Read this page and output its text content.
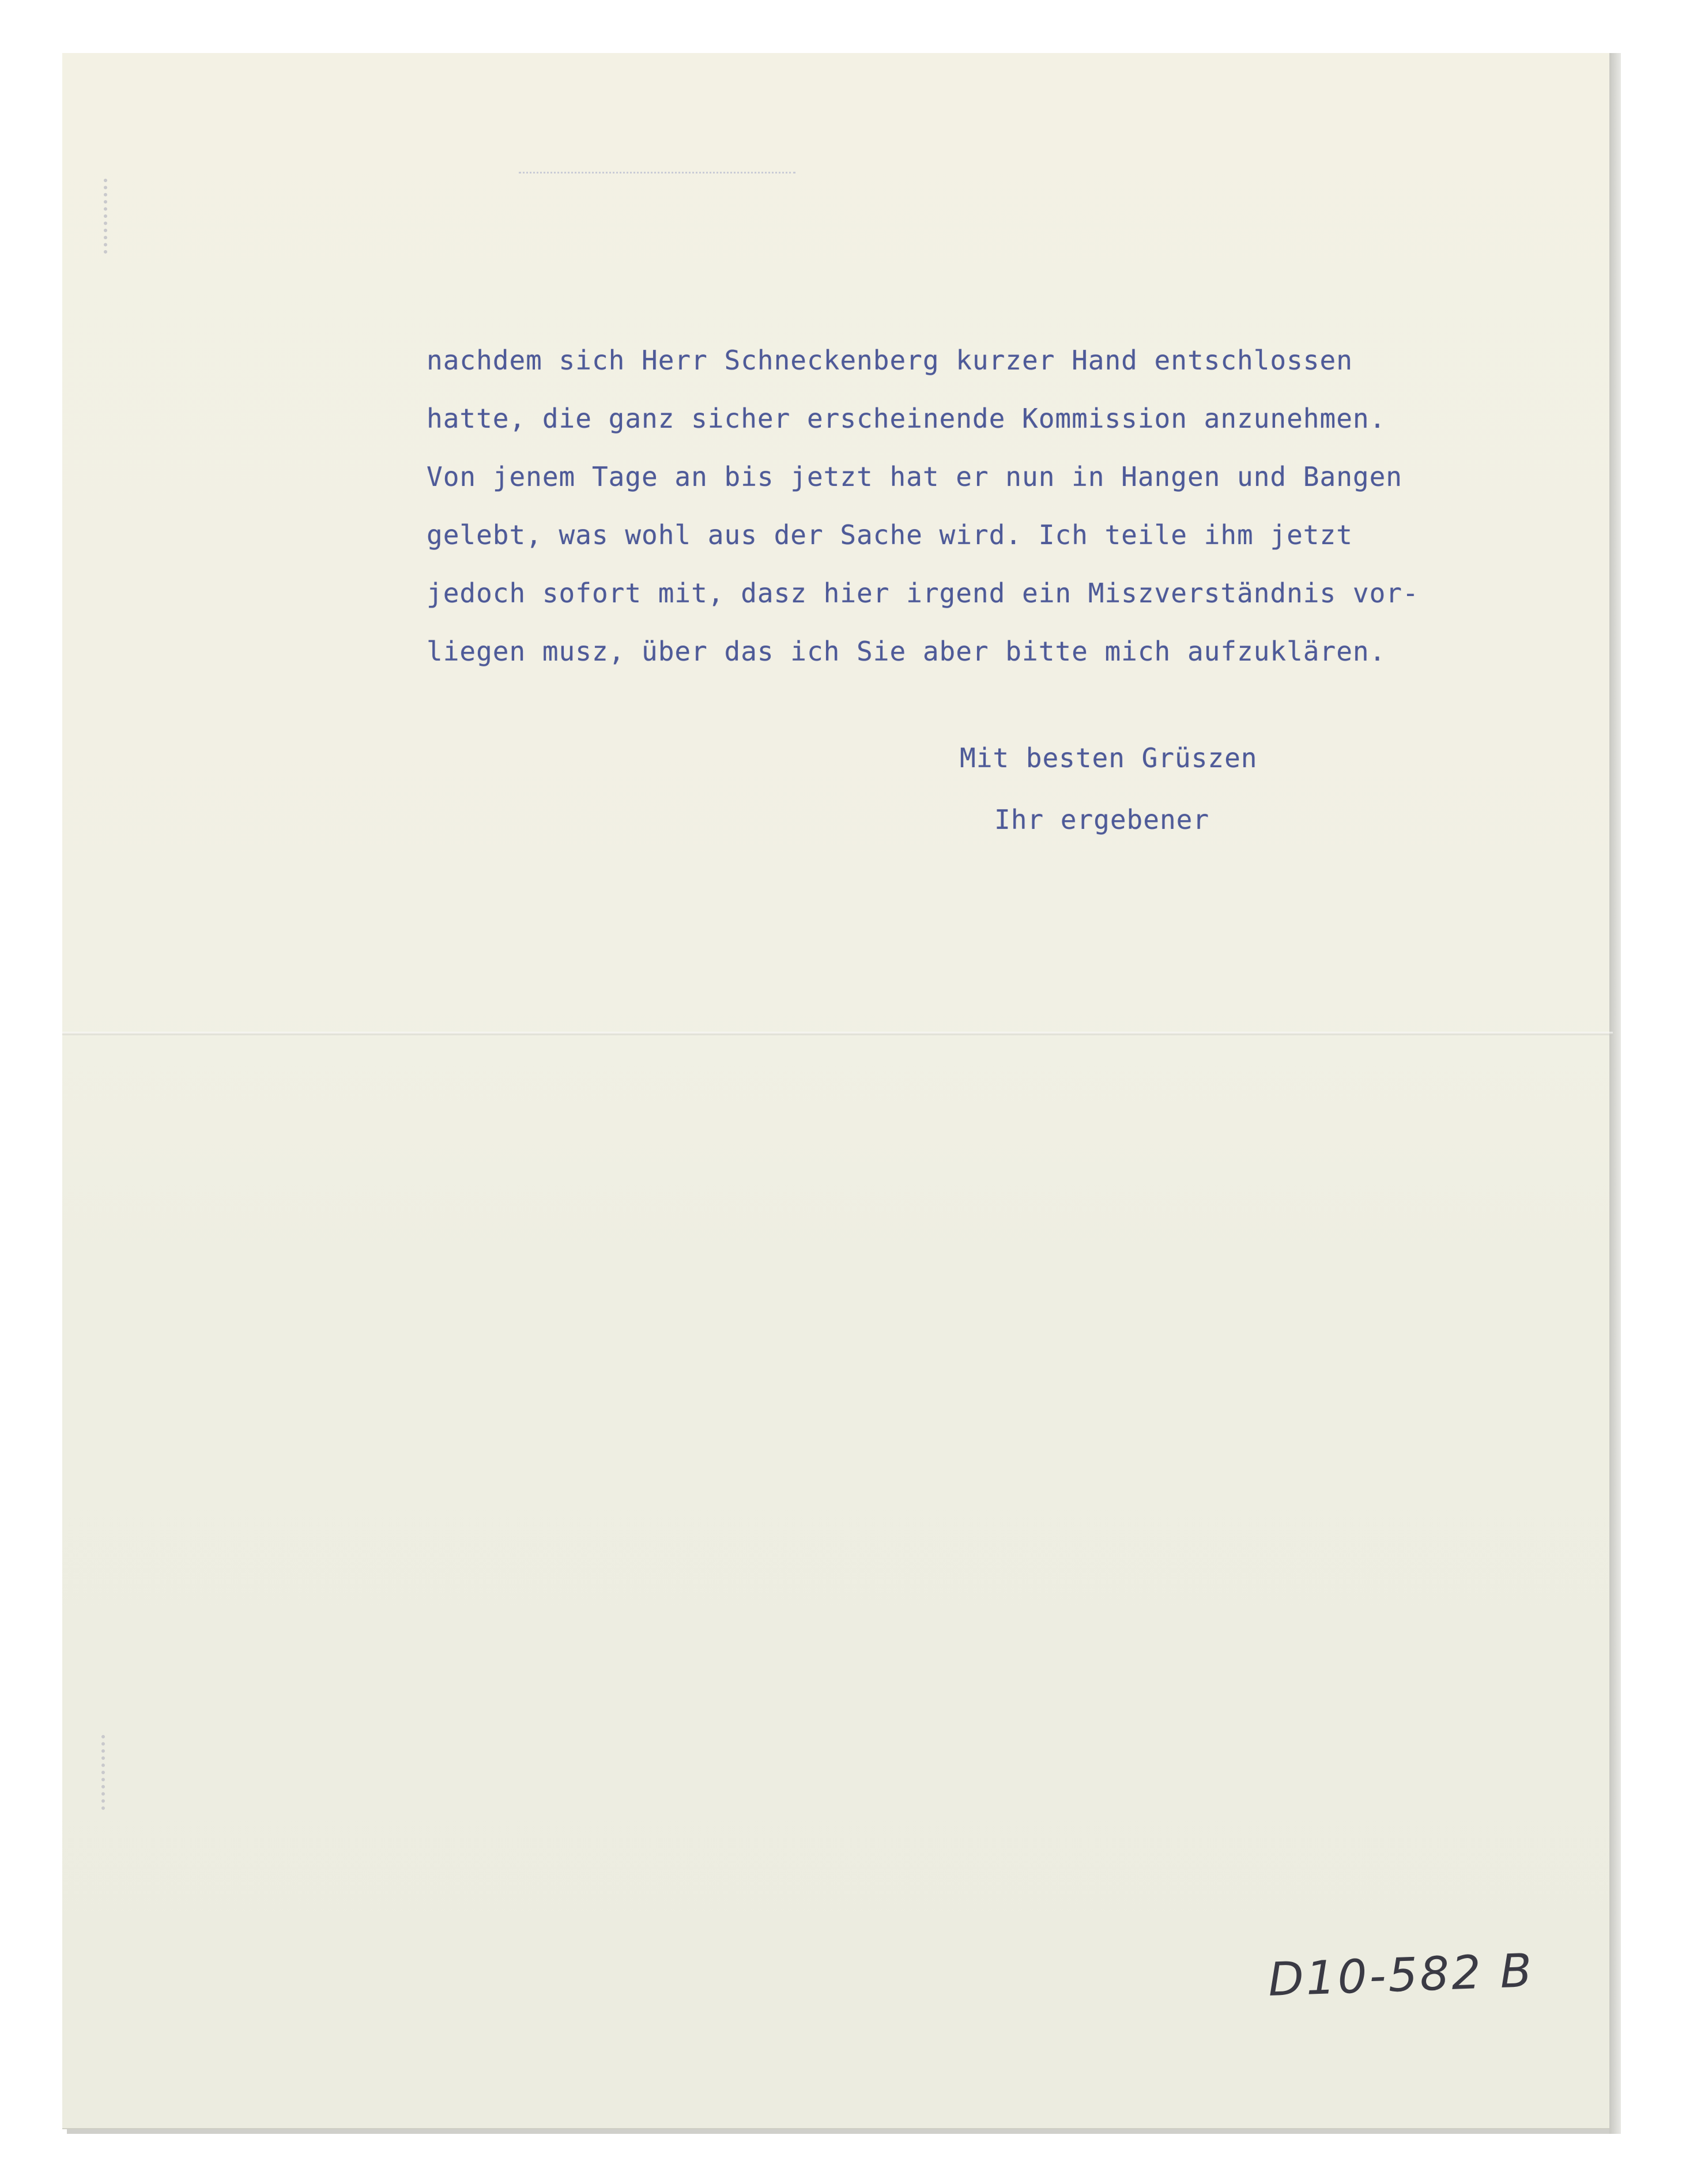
nachdem sich Herr Schneckenberg kurzer Hand entschlossen
hatte, die ganz sicher erscheinende Kommission anzunehmen.
Von jenem Tage an bis jetzt hat er nun in Hangen und Bangen
gelebt, was wohl aus der Sache wird. Ich teile ihm jetzt
jedoch sofort mit, dasz hier irgend ein Miszverständnis vor-
liegen musz, über das ich Sie aber bitte mich aufzuklären.
Mit besten Grüszen
Ihr ergebener
D10-582 B
